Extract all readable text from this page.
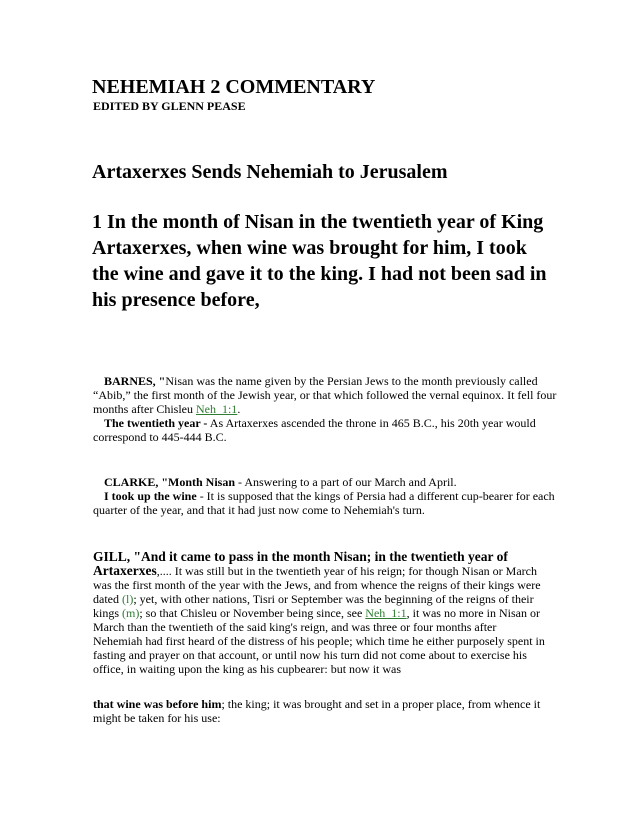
NEHEMIAH 2 COMMENTARY
EDITED BY GLENN PEASE
Artaxerxes Sends Nehemiah to Jerusalem
1 In the month of Nisan in the twentieth year of King Artaxerxes, when wine was brought for him, I took the wine and gave it to the king. I had not been sad in his presence before,
BARNES, "Nisan was the name given by the Persian Jews to the month previously called “Abib,” the first month of the Jewish year, or that which followed the vernal equinox. It fell four months after Chisleu Neh_1:1.
The twentieth year - As Artaxerxes ascended the throne in 465 B.C., his 20th year would correspond to 445-444 B.C.
CLARKE, "Month Nisan - Answering to a part of our March and April.
I took up the wine - It is supposed that the kings of Persia had a different cup-bearer for each quarter of the year, and that it had just now come to Nehemiah's turn.
GILL, "And it came to pass in the month Nisan; in the twentieth year of Artaxerxes,.... It was still but in the twentieth year of his reign; for though Nisan or March was the first month of the year with the Jews, and from whence the reigns of their kings were dated (l); yet, with other nations, Tisri or September was the beginning of the reigns of their kings (m); so that Chisleu or November being since, see Neh_1:1, it was no more in Nisan or March than the twentieth of the said king's reign, and was three or four months after Nehemiah had first heard of the distress of his people; which time he either purposely spent in fasting and prayer on that account, or until now his turn did not come about to exercise his office, in waiting upon the king as his cupbearer: but now it was
that wine was before him; the king; it was brought and set in a proper place, from whence it might be taken for his use:
